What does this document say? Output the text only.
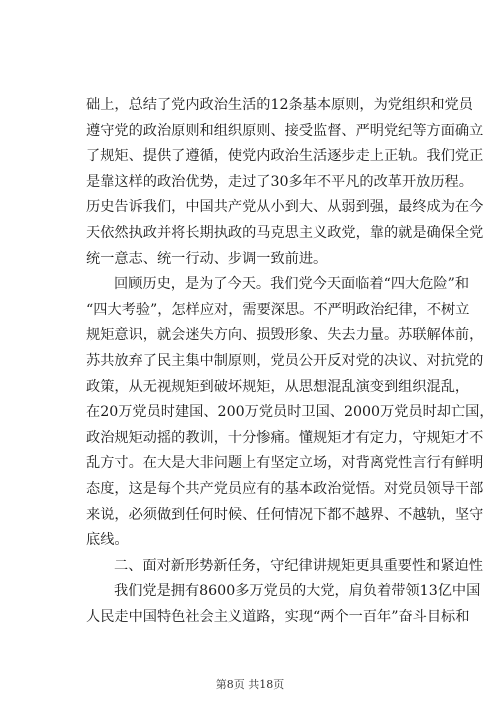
础上，总结了党内政治生活的12条基本原则，为党组织和党员
遵守党的政治原则和组织原则、接受监督、严明党纪等方面确立
了规矩、提供了遵循，使党内政治生活逐步走上正轨。我们党正
是靠这样的政治优势，走过了30多年不平凡的改革开放历程。
历史告诉我们，中国共产党从小到大、从弱到强，最终成为在今
天依然执政并将长期执政的马克思主义政党，靠的就是确保全党
统一意志、统一行动、步调一致前进。
回顾历史，是为了今天。我们党今天面临着“四大危险”和
“四大考验”，怎样应对，需要深思。不严明政治纪律，不树立
规矩意识，就会迷失方向、损毁形象、失去力量。苏联解体前，
苏共放弃了民主集中制原则，党员公开反对党的决议、对抗党的
政策，从无视规矩到破坏规矩，从思想混乱演变到组织混乱，
在20万党员时建国、200万党员时卫国、2000万党员时却亡国，
政治规矩动摇的教训，十分惨痛。懂规矩才有定力，守规矩才不
乱方寸。在大是大非问题上有坚定立场，对背离党性言行有鲜明
态度，这是每个共产党员应有的基本政治觉悟。对党员领导干部
来说，必须做到任何时候、任何情况下都不越界、不越轨，坚守
底线。
二、面对新形势新任务，守纪律讲规矩更具重要性和紧迫性
我们党是拥有8600多万党员的大党，肩负着带领13亿中国
人民走中国特色社会主义道路，实现“两个一百年”奋斗目标和
第8页 共18页
